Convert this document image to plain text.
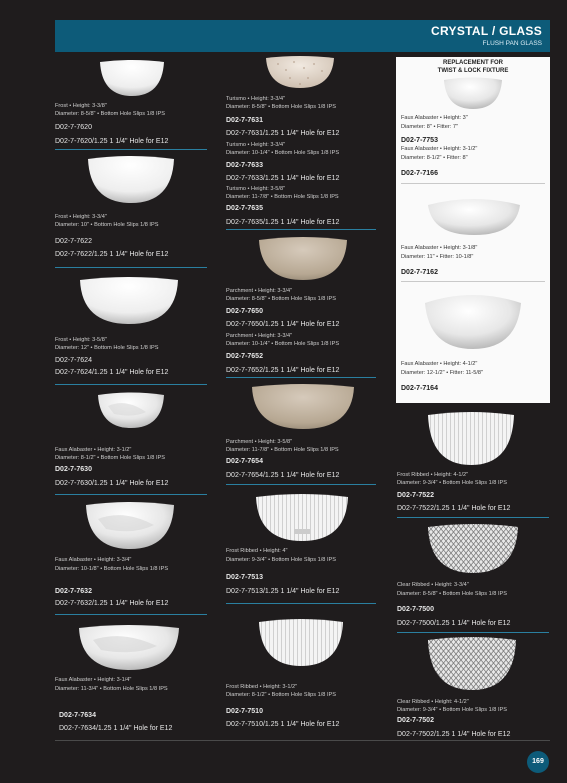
CRYSTAL / GLASS
FLUSH PAN GLASS
Frost • Height: 3-3/8"
Diameter: 8-5/8" • Bottom Hole Slips 1/8 IPS
D02-7-7620
D02-7-7620/1.25 1 1/4" Hole for E12
Frost • Height: 3-3/4"
Diameter: 10" • Bottom Hole Slips 1/8 IPS
D02-7-7622
D02-7-7622/1.25 1 1/4" Hole for E12
Frost • Height: 3-5/8"
Diameter: 12" • Bottom Hole Slips 1/8 IPS
D02-7-7624
D02-7-7624/1.25 1 1/4" Hole for E12
Faux Alabaster • Height: 3-1/2"
Diameter: 8-1/2" • Bottom Hole Slips 1/8 IPS
D02-7-7630
D02-7-7630/1.25 1 1/4" Hole for E12
Faux Alabaster • Height: 3-3/4"
Diameter: 10-1/8" • Bottom Hole Slips 1/8 IPS
D02-7-7632
D02-7-7632/1.25 1 1/4" Hole for E12
Faux Alabaster • Height: 3-1/4"
Diameter: 11-3/4" • Bottom Hole Slips 1/8 IPS
D02-7-7634
D02-7-7634/1.25 1 1/4" Hole for E12
Turismo • Height: 3-3/4"
Diameter: 8-5/8" • Bottom Hole Slips 1/8 IPS
D02-7-7631
D02-7-7631/1.25 1 1/4" Hole for E12
Turismo • Height: 3-3/4"
Diameter: 10-1/4" • Bottom Hole Slips 1/8 IPS
D02-7-7633
D02-7-7633/1.25 1 1/4" Hole for E12
Turismo • Height: 3-5/8"
Diameter: 11-7/8" • Bottom Hole Slips 1/8 IPS
D02-7-7635
D02-7-7635/1.25 1 1/4" Hole for E12
Parchment • Height: 3-3/4"
Diameter: 8-5/8" • Bottom Hole Slips 1/8 IPS
D02-7-7650
D02-7-7650/1.25 1 1/4" Hole for E12
Parchment • Height: 3-3/4"
Diameter: 10-1/4" • Bottom Hole Slips 1/8 IPS
D02-7-7652
D02-7-7652/1.25 1 1/4" Hole for E12
Parchment • Height: 3-5/8"
Diameter: 11-7/8" • Bottom Hole Slips 1/8 IPS
D02-7-7654
D02-7-7654/1.25 1 1/4" Hole for E12
Frost Ribbed • Height: 4"
Diameter: 9-3/4" • Bottom Hole Slips 1/8 IPS
D02-7-7513
D02-7-7513/1.25 1 1/4" Hole for E12
Frost Ribbed • Height: 3-1/2"
Diameter: 8-1/2" • Bottom Hole Slips 1/8 IPS
D02-7-7510
D02-7-7510/1.25 1 1/4" Hole for E12
REPLACEMENT FOR
TWIST & LOCK FIXTURE
Faux Alabaster • Height: 3"
Diameter: 8" • Fitter: 7"
D02-7-7753
Faux Alabaster • Height: 3-1/2"
Diameter: 8-1/2" • Fitter: 8"
D02-7-7166
Faux Alabaster • Height: 3-1/8"
Diameter: 11" • Fitter: 10-1/8"
D02-7-7162
Faux Alabaster • Height: 4-1/2"
Diameter: 12-1/2" • Fitter: 11-5/8"
D02-7-7164
Frost Ribbed • Height: 4-1/2"
Diameter: 9-3/4" • Bottom Hole Slips 1/8 IPS
D02-7-7522
D02-7-7522/1.25 1 1/4" Hole for E12
Clear Ribbed • Height: 3-3/4"
Diameter: 8-5/8" • Bottom Hole Slips 1/8 IPS
D02-7-7500
D02-7-7500/1.25 1 1/4" Hole for E12
Clear Ribbed • Height: 4-1/2"
Diameter: 9-3/4" • Bottom Hole Slips 1/8 IPS
D02-7-7502
D02-7-7502/1.25 1 1/4" Hole for E12
169
